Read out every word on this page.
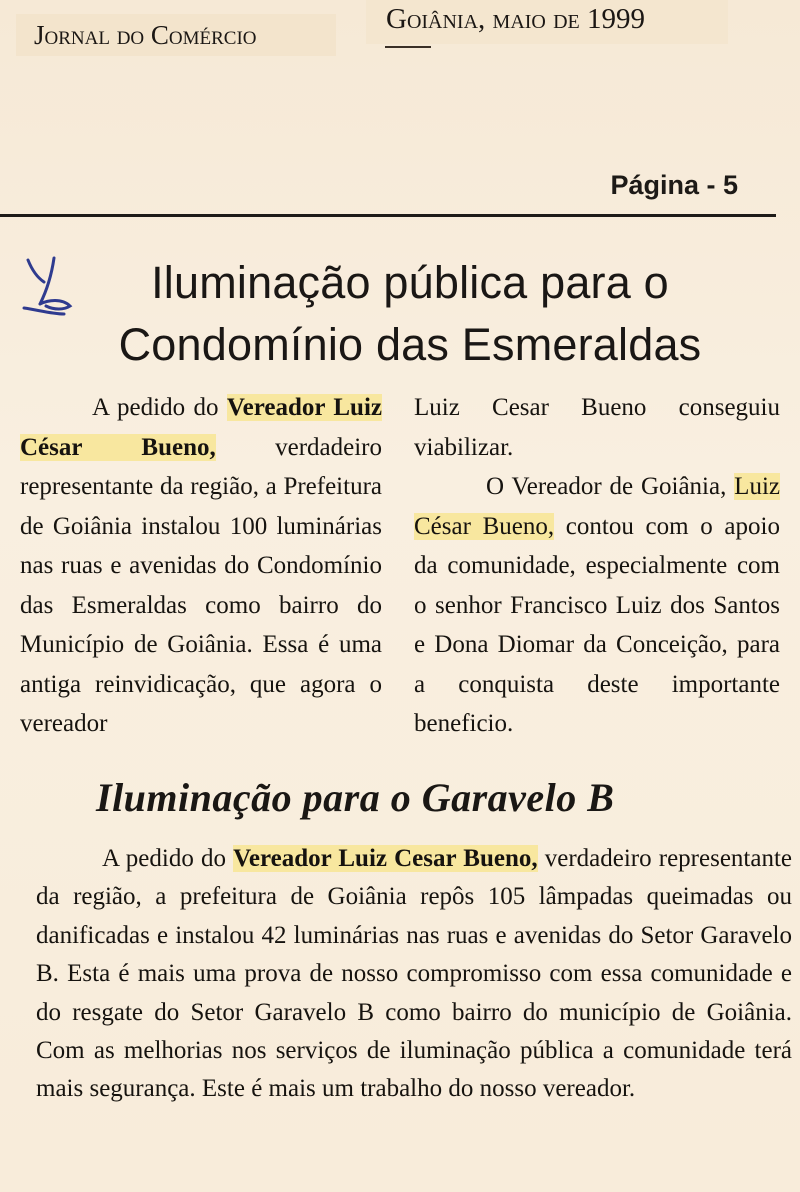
Jornal do Comércio	Goiânia, maio de 1999
Página - 5
Iluminação pública para o Condomínio das Esmeraldas

A pedido do Vereador Luiz César Bueno, verdadeiro representante da região, a Prefeitura de Goiânia instalou 100 luminárias nas ruas e avenidas do Condomínio das Esmeraldas como bairro do Município de Goiânia. Essa é uma antiga reinvidicação, que agora o vereador

Luiz Cesar Bueno conseguiu viabilizar.

O Vereador de Goiânia, Luiz César Bueno, contou com o apoio da comunidade, especialmente com o senhor Francisco Luiz dos Santos e Dona Diomar da Conceição, para a conquista deste importante beneficio.

Iluminação para o Garavelo B

A pedido do Vereador Luiz Cesar Bueno, verdadeiro representante da região, a prefeitura de Goiânia repôs 105 lâmpadas queimadas ou danificadas e instalou 42 luminárias nas ruas e avenidas do Setor Garavelo B. Esta é mais uma prova de nosso compromisso com essa comunidade e do resgate do Setor Garavelo B como bairro do município de Goiânia. Com as melhorias nos serviços de iluminação pública a comunidade terá mais segurança. Este é mais um trabalho do nosso vereador.
